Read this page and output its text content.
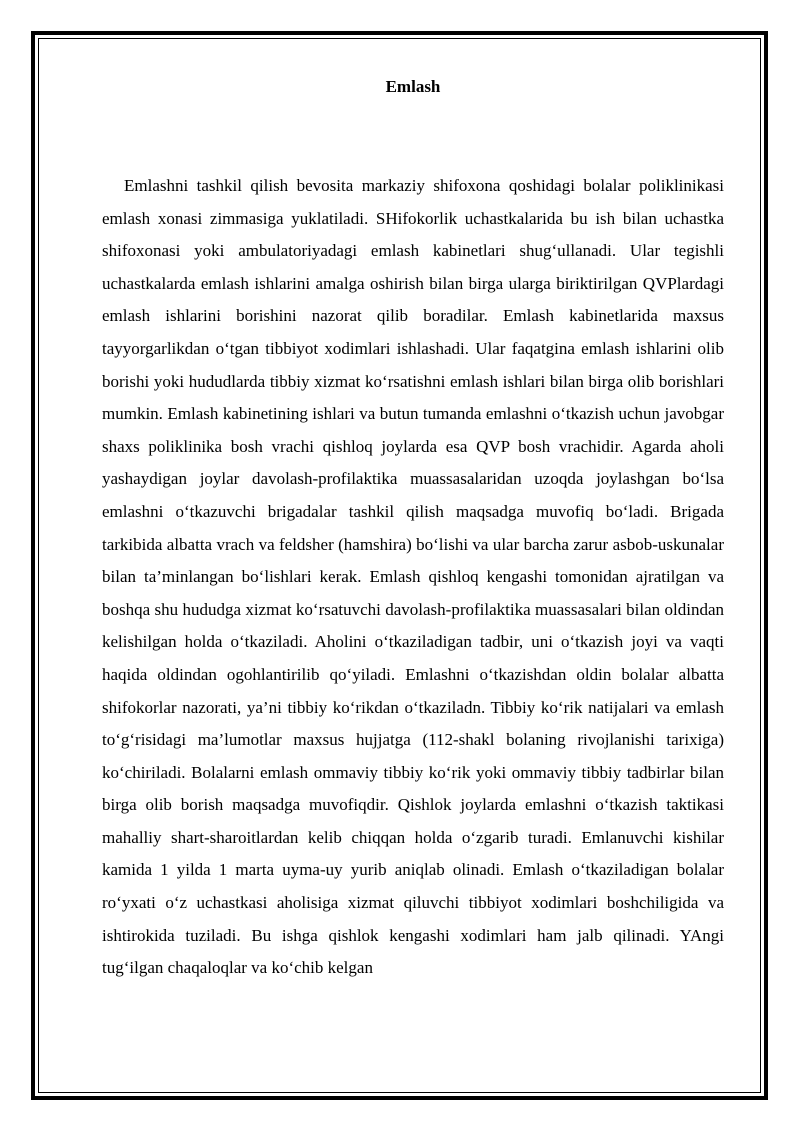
Emlash

Emlashni tashkil qilish bevosita markaziy shifoxona qoshidagi bolalar poliklinikasi emlash xonasi zimmasiga yuklatiladi. SHifokorlik uchastkalarida bu ish bilan uchastka shifoxonasi yoki ambulatoriyadagi emlash kabinetlari shug‘ullanadi. Ular tegishli uchastkalarda emlash ishlarini amalga oshirish bilan birga ularga biriktirilgan QVPlardagi emlash ishlarini borishini nazorat qilib boradilar. Emlash kabinetlarida maxsus tayyorgarlikdan o‘tgan tibbiyot xodimlari ishlashadi. Ular faqatgina emlash ishlarini olib borishi yoki hududlarda tibbiy xizmat ko‘rsatishni emlash ishlari bilan birga olib borishlari mumkin. Emlash kabinetining ishlari va butun tumanda emlashni o‘tkazish uchun javobgar shaxs poliklinika bosh vrachi qishloq joylarda esa QVP bosh vrachidir. Agarda aholi yashaydigan joylar davolash-profilaktika muassasalaridan uzoqda joylashgan bo‘lsa emlashni o‘tkazuvchi brigadalar tashkil qilish maqsadga muvofiq bo‘ladi. Brigada tarkibida albatta vrach va feldsher (hamshira) bo‘lishi va ular barcha zarur asbob-uskunalar bilan ta’minlangan bo‘lishlari kerak. Emlash qishloq kengashi tomonidan ajratilgan va boshqa shu hududga xizmat ko‘rsatuvchi davolash-profilaktika muassasalari bilan oldindan kelishilgan holda o‘tkaziladi. Aholini o‘tkaziladigan tadbir, uni o‘tkazish joyi va vaqti haqida oldindan ogohlantirilib qo‘yiladi. Emlashni o‘tkazishdan oldin bolalar albatta shifokorlar nazorati, ya’ni tibbiy ko‘rikdan o‘tkaziladn. Tibbiy ko‘rik natijalari va emlash to‘g‘risidagi ma’lumotlar maxsus hujjatga (112-shakl bolaning rivojlanishi tarixiga) ko‘chiriladi. Bolalarni emlash ommaviy tibbiy ko‘rik yoki ommaviy tibbiy tadbirlar bilan birga olib borish maqsadga muvofiqdir. Qishlok joylarda emlashni o‘tkazish taktikasi mahalliy shart-sharoitlardan kelib chiqqan holda o‘zgarib turadi. Emlanuvchi kishilar kamida 1 yilda 1 marta uyma-uy yurib aniqlab olinadi. Emlash o‘tkaziladigan bolalar ro‘yxati o‘z uchastkasi aholisiga xizmat qiluvchi tibbiyot xodimlari boshchiligida va ishtirokida tuziladi. Bu ishga qishlok kengashi xodimlari ham jalb qilinadi. YAngi tug‘ilgan chaqaloqlar va ko‘chib kelgan
